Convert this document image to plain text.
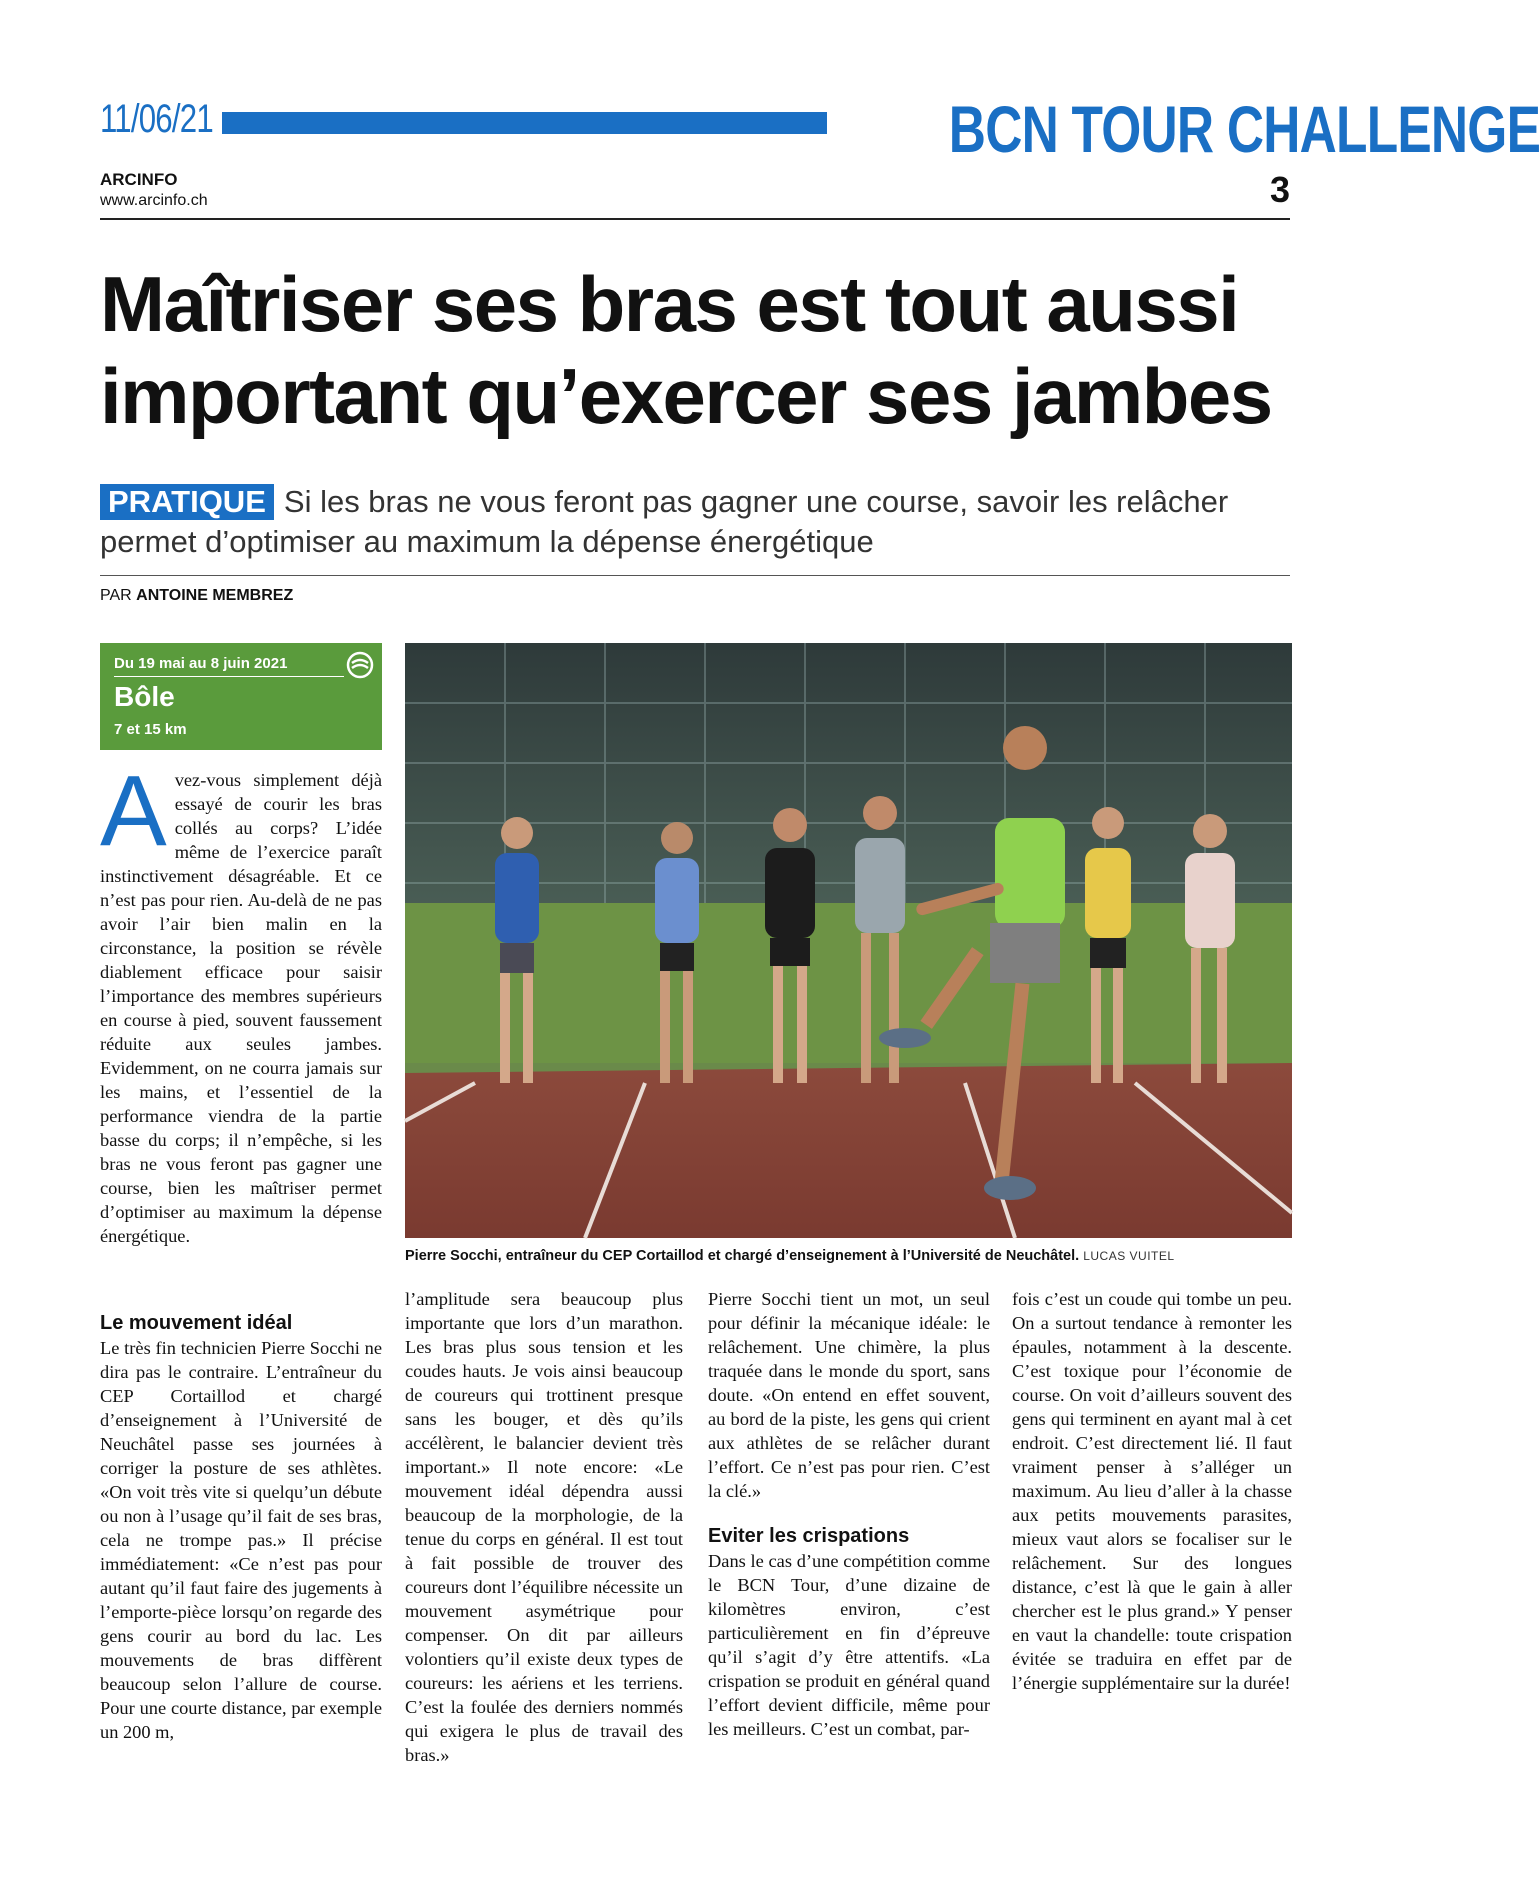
11/06/21	BCN TOUR CHALLENGE
ARCINFO
www.arcinfo.ch	3
Maîtriser ses bras est tout aussi important qu’exercer ses jambes
PRATIQUE Si les bras ne vous feront pas gagner une course, savoir les relâcher permet d’optimiser au maximum la dépense énergétique
PAR ANTOINE MEMBREZ
Du 19 mai au 8 juin 2021
Bôle
7 et 15 km
Pierre Socchi, entraîneur du CEP Cortaillod et chargé d’enseignement à l’Université de Neuchâtel. LUCAS VUITEL
Avez-vous simplement déjà essayé de courir les bras collés au corps? L’idée même de l’exercice paraît instinctivement désagréable. Et ce n’est pas pour rien. Au-delà de ne pas avoir l’air bien malin en la circonstance, la position se révèle diablement efficace pour saisir l’importance des membres supérieurs en course à pied, souvent faussement réduite aux seules jambes. Evidemment, on ne courra jamais sur les mains, et l’essentiel de la performance viendra de la partie basse du corps; il n’empêche, si les bras ne vous feront pas gagner une course, bien les maîtriser permet d’optimiser au maximum la dépense énergétique.

Le mouvement idéal

Le très fin technicien Pierre Socchi ne dira pas le contraire. L’entraîneur du CEP Cortaillod et chargé d’enseignement à l’Université de Neuchâtel passe ses journées à corriger la posture de ses athlètes. «On voit très vite si quelqu’un débute ou non à l’usage qu’il fait de ses bras, cela ne trompe pas.» Il précise immédiatement: «Ce n’est pas pour autant qu’il faut faire des jugements à l’emporte-pièce lorsqu’on regarde des gens courir au bord du lac. Les mouvements de bras diffèrent beaucoup selon l’allure de course. Pour une courte distance, par exemple un 200 m,

l’amplitude sera beaucoup plus importante que lors d’un marathon. Les bras plus sous tension et les coudes hauts. Je vois ainsi beaucoup de coureurs qui trottinent presque sans les bouger, et dès qu’ils accélèrent, le balancier devient très important.» Il note encore: «Le mouvement idéal dépendra aussi beaucoup de la morphologie, de la tenue du corps en général. Il est tout à fait possible de trouver des coureurs dont l’équilibre nécessite un mouvement asymétrique pour compenser. On dit par ailleurs volontiers qu’il existe deux types de coureurs: les aériens et les terriens. C’est la foulée des derniers nommés qui exigera le plus de travail des bras.»

Pierre Socchi tient un mot, un seul pour définir la mécanique idéale: le relâchement. Une chimère, la plus traquée dans le monde du sport, sans doute. «On entend en effet souvent, au bord de la piste, les gens qui crient aux athlètes de se relâcher durant l’effort. Ce n’est pas pour rien. C’est la clé.»

Eviter les crispations

Dans le cas d’une compétition comme le BCN Tour, d’une dizaine de kilomètres environ, c’est particulièrement en fin d’épreuve qu’il s’agit d’y être attentifs. «La crispation se produit en général quand l’effort devient difficile, même pour les meilleurs. C’est un combat, par-

fois c’est un coude qui tombe un peu. On a surtout tendance à remonter les épaules, notamment à la descente. C’est toxique pour l’économie de course. On voit d’ailleurs souvent des gens qui terminent en ayant mal à cet endroit. C’est directement lié. Il faut vraiment penser à s’alléger un maximum. Au lieu d’aller à la chasse aux petits mouvements parasites, mieux vaut alors se focaliser sur le relâchement. Sur des longues distance, c’est là que le gain à aller chercher est le plus grand.» Y penser en vaut la chandelle: toute crispation évitée se traduira en effet par de l’énergie supplémentaire sur la durée!
